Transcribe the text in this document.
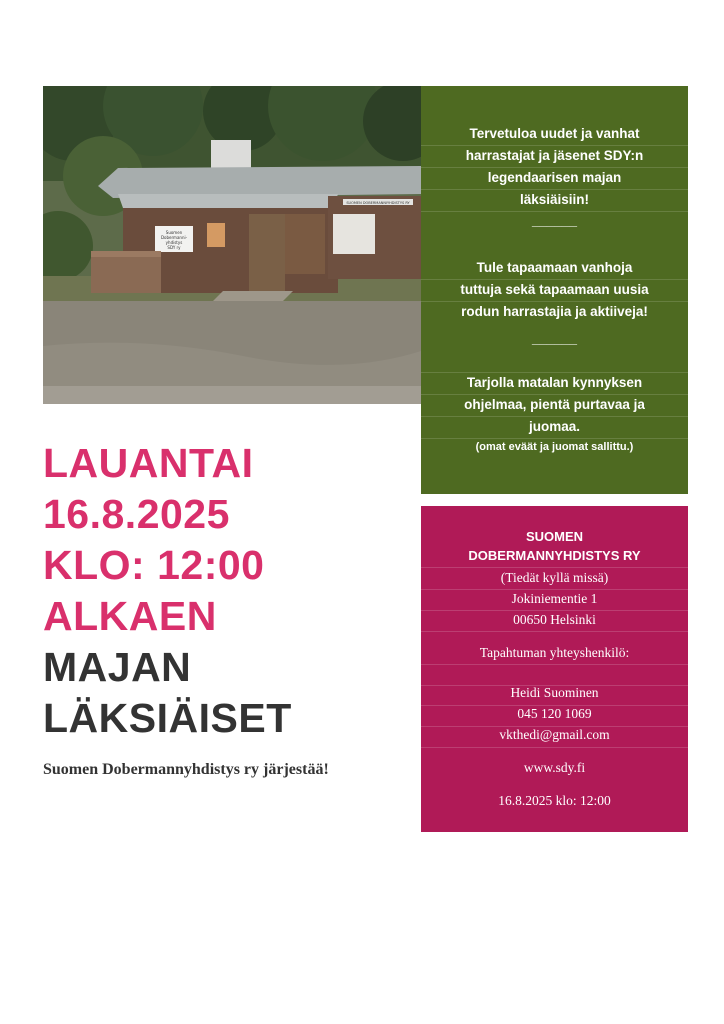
Suomen
Dobermanni-
yhdistys
SDY ry
SUOMEN DOBERMANNIYHDISTYS RY
Tervetuloa uudet ja vanhat
harrastajat ja jäsenet SDY:n
legendaarisen majan
läksiäisiin!
______
Tule tapaamaan vanhoja
tuttuja sekä tapaamaan uusia
rodun harrastajia ja aktiiveja!
______
Tarjolla matalan kynnyksen
ohjelmaa, pientä purtavaa ja
juomaa.
(omat eväät ja juomat sallittu.)
LAUANTAI
16.8.2025
KLO: 12:00
ALKAEN
MAJAN
LÄKSIÄISET
Suomen Dobermannyhdistys ry järjestää!
SUOMEN
DOBERMANNYHDISTYS RY
(Tiedät kyllä missä)
Jokiniementie 1
00650 Helsinki
Tapahtuman yhteyshenkilö:
Heidi Suominen
045 120 1069
vkthedi@gmail.com
www.sdy.fi
16.8.2025 klo: 12:00
